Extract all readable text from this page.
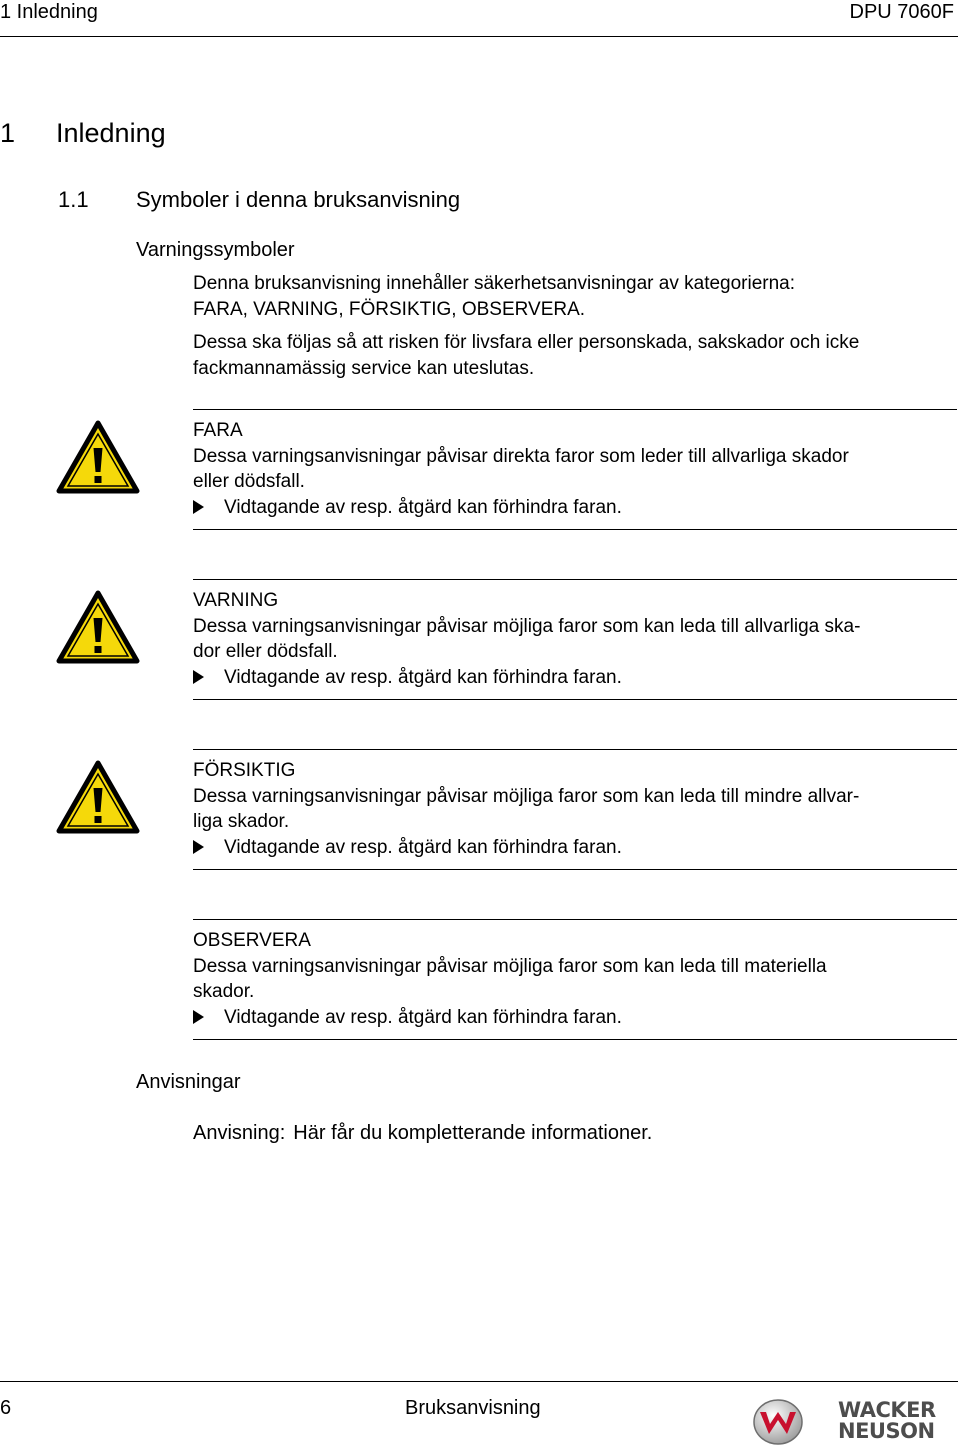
1 Inledning	DPU 7060F
1 Inledning
1.1 Symboler i denna bruksanvisning
Varningssymboler
Denna bruksanvisning innehåller säkerhetsanvisningar av kategorierna:
FARA, VARNING, FÖRSIKTIG, OBSERVERA.
Dessa ska följas så att risken för livsfara eller personskada, sakskador och icke
fackmannamässig service kan uteslutas.
FARA
Dessa varningsanvisningar påvisar direkta faror som leder till allvarliga skador
eller dödsfall.
Vidtagande av resp. åtgärd kan förhindra faran.
VARNING
Dessa varningsanvisningar påvisar möjliga faror som kan leda till allvarliga ska-
dor eller dödsfall.
Vidtagande av resp. åtgärd kan förhindra faran.
FÖRSIKTIG
Dessa varningsanvisningar påvisar möjliga faror som kan leda till mindre allvar-
liga skador.
Vidtagande av resp. åtgärd kan förhindra faran.
OBSERVERA
Dessa varningsanvisningar påvisar möjliga faror som kan leda till materiella
skador.
Vidtagande av resp. åtgärd kan förhindra faran.
Anvisningar
Anvisning: Här får du kompletterande informationer.
6	Bruksanvisning	WACKER
NEUSON
